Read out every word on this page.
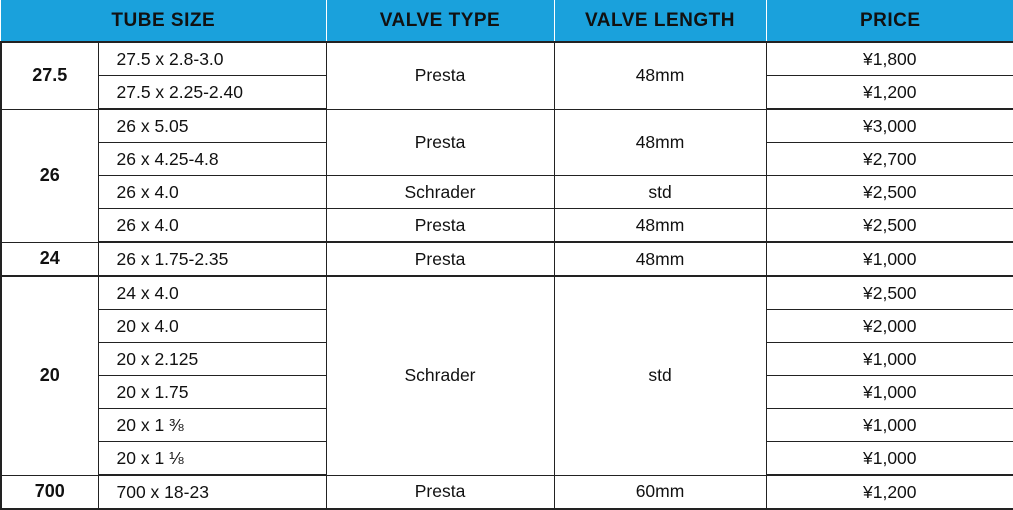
TUBE SIZE		VALVE TYPE	VALVE LENGTH	PRICE
27.5	27.5 x 2.8-3.0	Presta	48mm	¥1,800
	27.5 x 2.25-2.40			¥1,200
26	26 x 5.05	Presta	48mm	¥3,000
	26 x 4.25-4.8			¥2,700
	26 x 4.0	Schrader	std	¥2,500
	26 x 4.0	Presta	48mm	¥2,500
24	26 x 1.75-2.35	Presta	48mm	¥1,000
20	24 x 4.0	Schrader	std	¥2,500
	20 x 4.0			¥2,000
	20 x 2.125			¥1,000
	20 x 1.75			¥1,000
	20 x 1 ⅜			¥1,000
	20 x 1 ⅛			¥1,000
700	700 x 18-23	Presta	60mm	¥1,200
